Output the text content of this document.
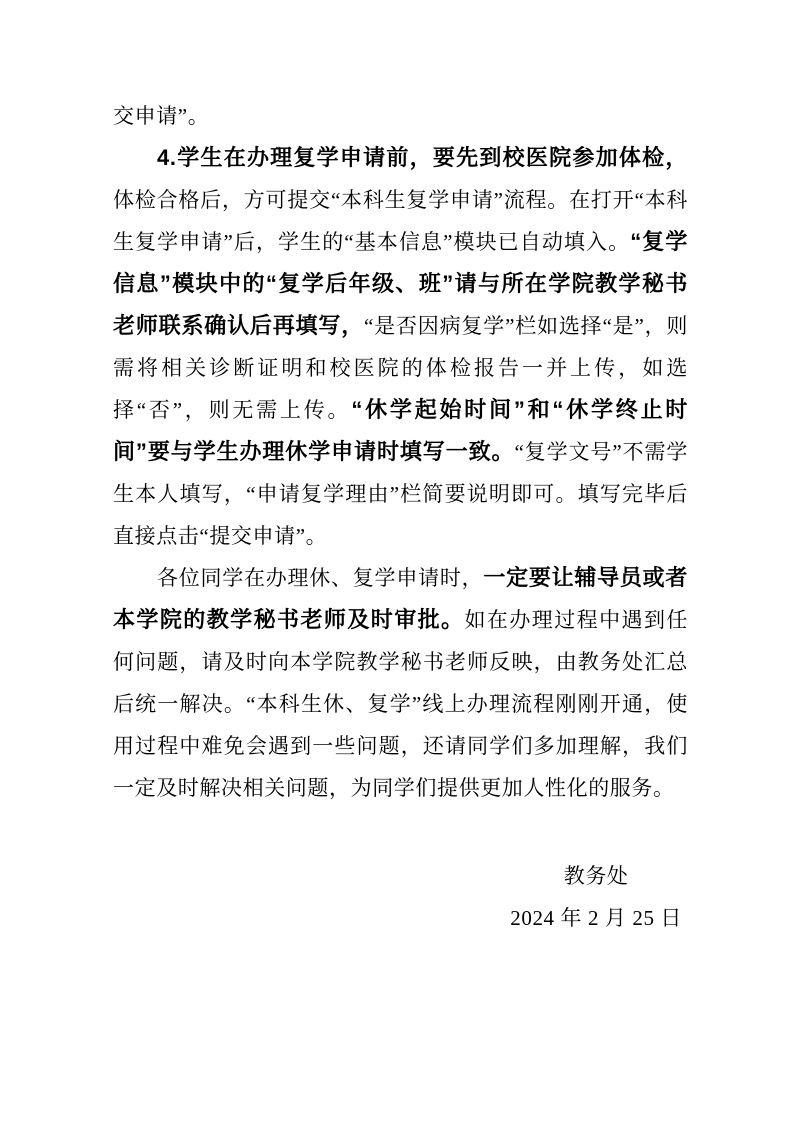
交申请”。

4.学生在办理复学申请前，要先到校医院参加体检，体检合格后，方可提交“本科生复学申请”流程。在打开“本科生复学申请”后，学生的“基本信息”模块已自动填入。“复学信息”模块中的“复学后年级、班”请与所在学院教学秘书老师联系确认后再填写，“是否因病复学”栏如选择“是”，则需将相关诊断证明和校医院的体检报告一并上传，如选择“否”，则无需上传。“休学起始时间”和“休学终止时间”要与学生办理休学申请时填写一致。“复学文号”不需学生本人填写，“申请复学理由”栏简要说明即可。填写完毕后直接点击“提交申请”。

各位同学在办理休、复学申请时，一定要让辅导员或者本学院的教学秘书老师及时审批。如在办理过程中遇到任何问题，请及时向本学院教学秘书老师反映，由教务处汇总后统一解决。“本科生休、复学”线上办理流程刚刚开通，使用过程中难免会遇到一些问题，还请同学们多加理解，我们一定及时解决相关问题，为同学们提供更加人性化的服务。

教务处

2024 年 2 月 25 日
